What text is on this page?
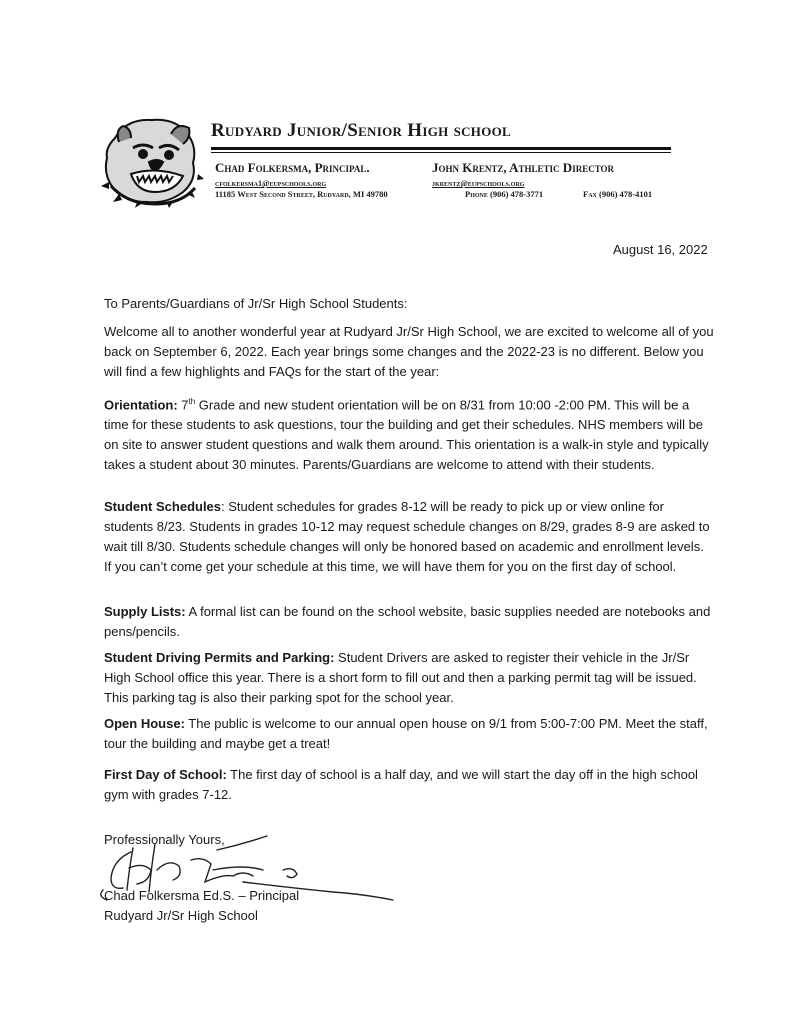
Rudyard Junior/Senior High school
Chad Folkersma, Principal.	John Krentz, Athletic Director
cfolkersma1@eupschools.org	jkrentz@eupschools.org
11185 West Second Street, Rudyard, MI 49780	Phone (906) 478-3771	Fax (906) 478-4101
August 16, 2022
To Parents/Guardians of Jr/Sr High School Students:
Welcome all to another wonderful year at Rudyard Jr/Sr High School, we are excited to welcome all of you back on September 6, 2022. Each year brings some changes and the 2022-23 is no different. Below you will find a few highlights and FAQs for the start of the year:
Orientation: 7th Grade and new student orientation will be on 8/31 from 10:00 -2:00 PM. This will be a time for these students to ask questions, tour the building and get their schedules. NHS members will be on site to answer student questions and walk them around. This orientation is a walk-in style and typically takes a student about 30 minutes. Parents/Guardians are welcome to attend with their students.
Student Schedules: Student schedules for grades 8-12 will be ready to pick up or view online for students 8/23. Students in grades 10-12 may request schedule changes on 8/29, grades 8-9 are asked to wait till 8/30. Students schedule changes will only be honored based on academic and enrollment levels. If you can’t come get your schedule at this time, we will have them for you on the first day of school.
Supply Lists: A formal list can be found on the school website, basic supplies needed are notebooks and pens/pencils.
Student Driving Permits and Parking: Student Drivers are asked to register their vehicle in the Jr/Sr High School office this year. There is a short form to fill out and then a parking permit tag will be issued. This parking tag is also their parking spot for the school year.
Open House: The public is welcome to our annual open house on 9/1 from 5:00-7:00 PM. Meet the staff, tour the building and maybe get a treat!
First Day of School: The first day of school is a half day, and we will start the day off in the high school gym with grades 7-12.
Professionally Yours,
Chad Folkersma Ed.S. – Principal
Rudyard Jr/Sr High School
